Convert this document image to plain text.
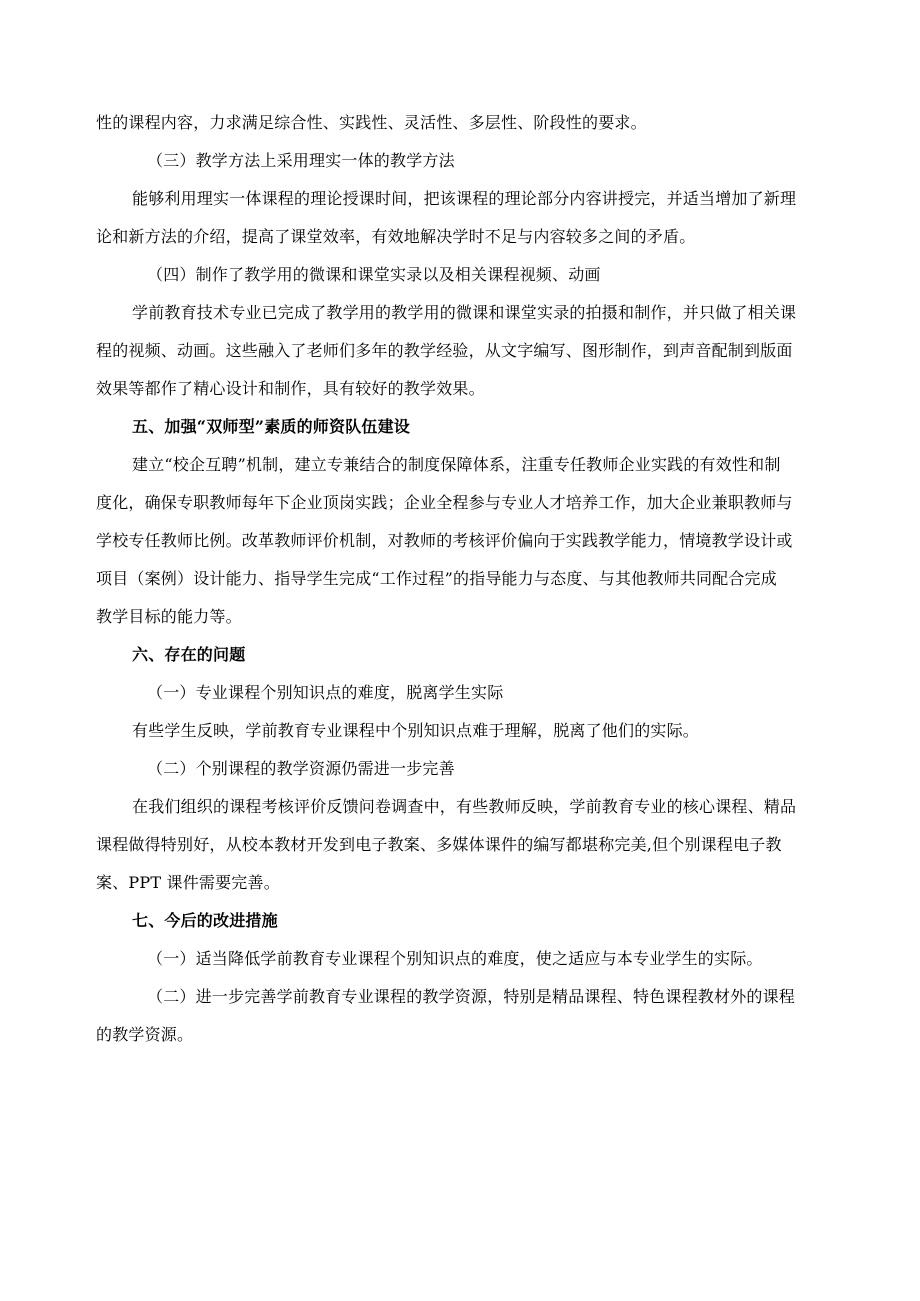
性的课程内容，力求满足综合性、实践性、灵活性、多层性、阶段性的要求。

（三）教学方法上采用理实一体的教学方法

能够利用理实一体课程的理论授课时间，把该课程的理论部分内容讲授完，并适当增加了新理

论和新方法的介绍，提高了课堂效率，有效地解决学时不足与内容较多之间的矛盾。

（四）制作了教学用的微课和课堂实录以及相关课程视频、动画

学前教育技术专业已完成了教学用的教学用的微课和课堂实录的拍摄和制作，并只做了相关课

程的视频、动画。这些融入了老师们多年的教学经验，从文字编写、图形制作，到声音配制到版面

效果等都作了精心设计和制作，具有较好的教学效果。

五、加强“双师型”素质的师资队伍建设

建立“校企互聘”机制，建立专兼结合的制度保障体系，注重专任教师企业实践的有效性和制

度化，确保专职教师每年下企业顶岗实践；企业全程参与专业人才培养工作，加大企业兼职教师与

学校专任教师比例。改革教师评价机制，对教师的考核评价偏向于实践教学能力，情境教学设计或

项目（案例）设计能力、指导学生完成“工作过程”的指导能力与态度、与其他教师共同配合完成

教学目标的能力等。

六、存在的问题

（一）专业课程个别知识点的难度，脱离学生实际

有些学生反映，学前教育专业课程中个别知识点难于理解，脱离了他们的实际。

（二）个别课程的教学资源仍需进一步完善

在我们组织的课程考核评价反馈问卷调查中，有些教师反映，学前教育专业的核心课程、精品

课程做得特别好，从校本教材开发到电子教案、多媒体课件的编写都堪称完美,但个别课程电子教

案、PPT 课件需要完善。

七、今后的改进措施

（一）适当降低学前教育专业课程个别知识点的难度，使之适应与本专业学生的实际。

（二）进一步完善学前教育专业课程的教学资源，特别是精品课程、特色课程教材外的课程

的教学资源。
